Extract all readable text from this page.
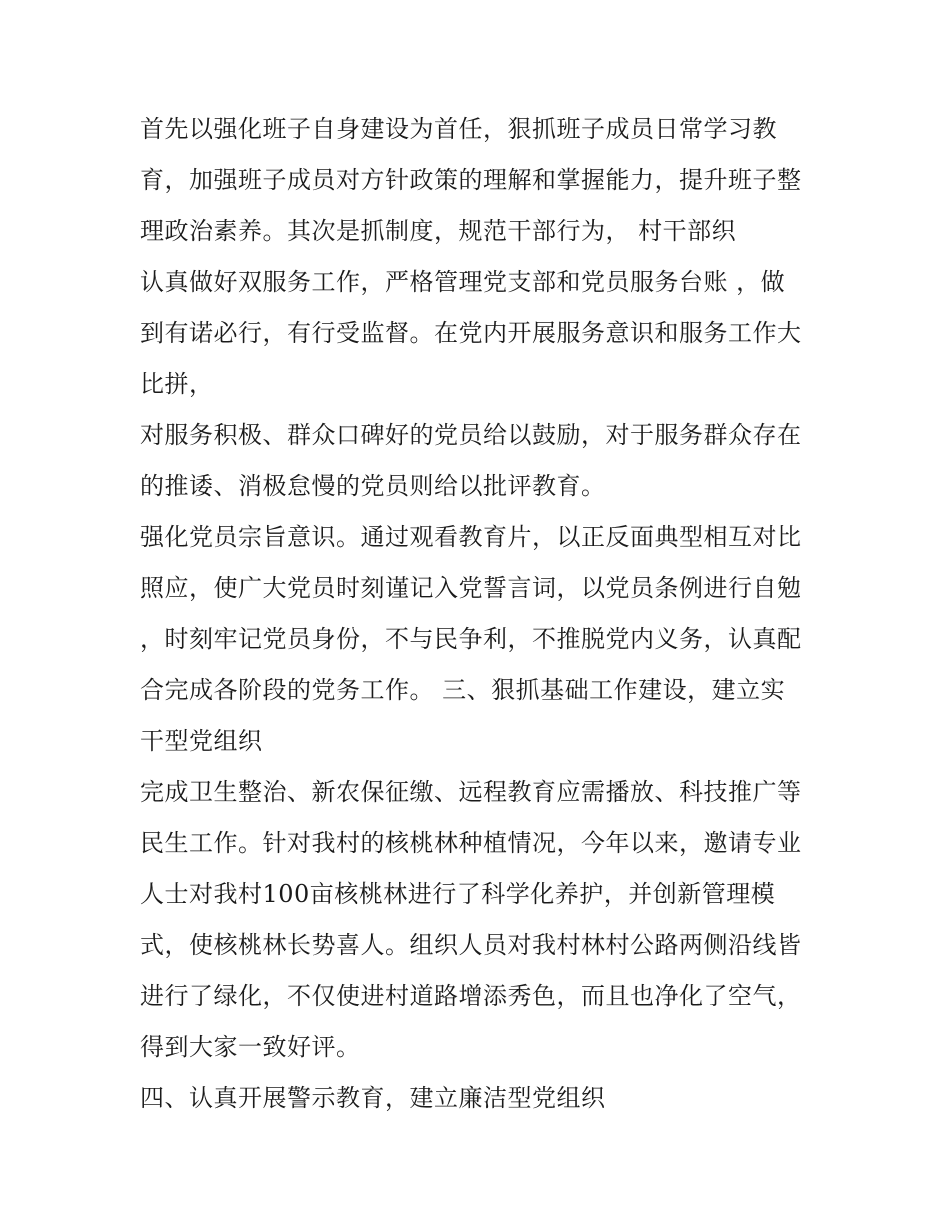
首先以强化班子自身建设为首任，狠抓班子成员日常学习教
育，加强班子成员对方针政策的理解和掌握能力，提升班子整
理政治素养。其次是抓制度，规范干部行为， 村干部织
认真做好双服务工作，严格管理党支部和党员服务台账 ，做
到有诺必行，有行受监督。在党内开展服务意识和服务工作大
比拼，
对服务积极、群众口碑好的党员给以鼓励，对于服务群众存在
的推诿、消极怠慢的党员则给以批评教育。
强化党员宗旨意识。通过观看教育片，以正反面典型相互对比
照应，使广大党员时刻谨记入党誓言词，以党员条例进行自勉
，时刻牢记党员身份，不与民争利，不推脱党内义务，认真配
合完成各阶段的党务工作。 三、狠抓基础工作建设，建立实
干型党组织
完成卫生整治、新农保征缴、远程教育应需播放、科技推广等
民生工作。针对我村的核桃林种植情况，今年以来，邀请专业
人士对我村100亩核桃林进行了科学化养护，并创新管理模
式，使核桃林长势喜人。组织人员对我村林村公路两侧沿线皆
进行了绿化，不仅使进村道路增添秀色，而且也净化了空气，
得到大家一致好评。
四、认真开展警示教育，建立廉洁型党组织
